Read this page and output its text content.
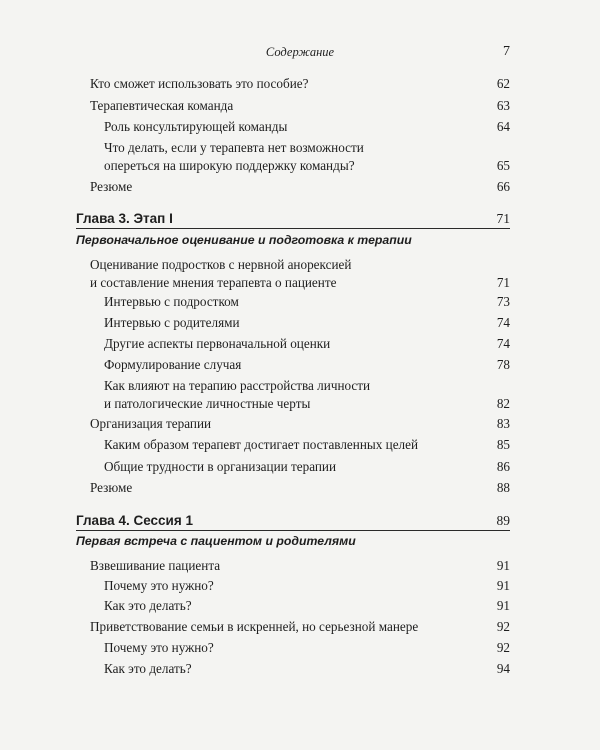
Содержание	7
Кто сможет использовать это пособие?	62
Терапевтическая команда	63
Роль консультирующей команды	64
Что делать, если у терапевта нет возможности
опереться на широкую поддержку команды?	65
Резюме	66
Глава 3. Этап I	71
Первоначальное оценивание и подготовка к терапии
Оценивание подростков с нервной анорексией
и составление мнения терапевта о пациенте	71
Интервью с подростком	73
Интервью с родителями	74
Другие аспекты первоначальной оценки	74
Формулирование случая	78
Как влияют на терапию расстройства личности
и патологические личностные черты	82
Организация терапии	83
Каким образом терапевт достигает поставленных целей	85
Общие трудности в организации терапии	86
Резюме	88
Глава 4. Сессия 1	89
Первая встреча с пациентом и родителями
Взвешивание пациента	91
Почему это нужно?	91
Как это делать?	91
Приветствование семьи в искренней, но серьезной манере	92
Почему это нужно?	92
Как это делать?	94
